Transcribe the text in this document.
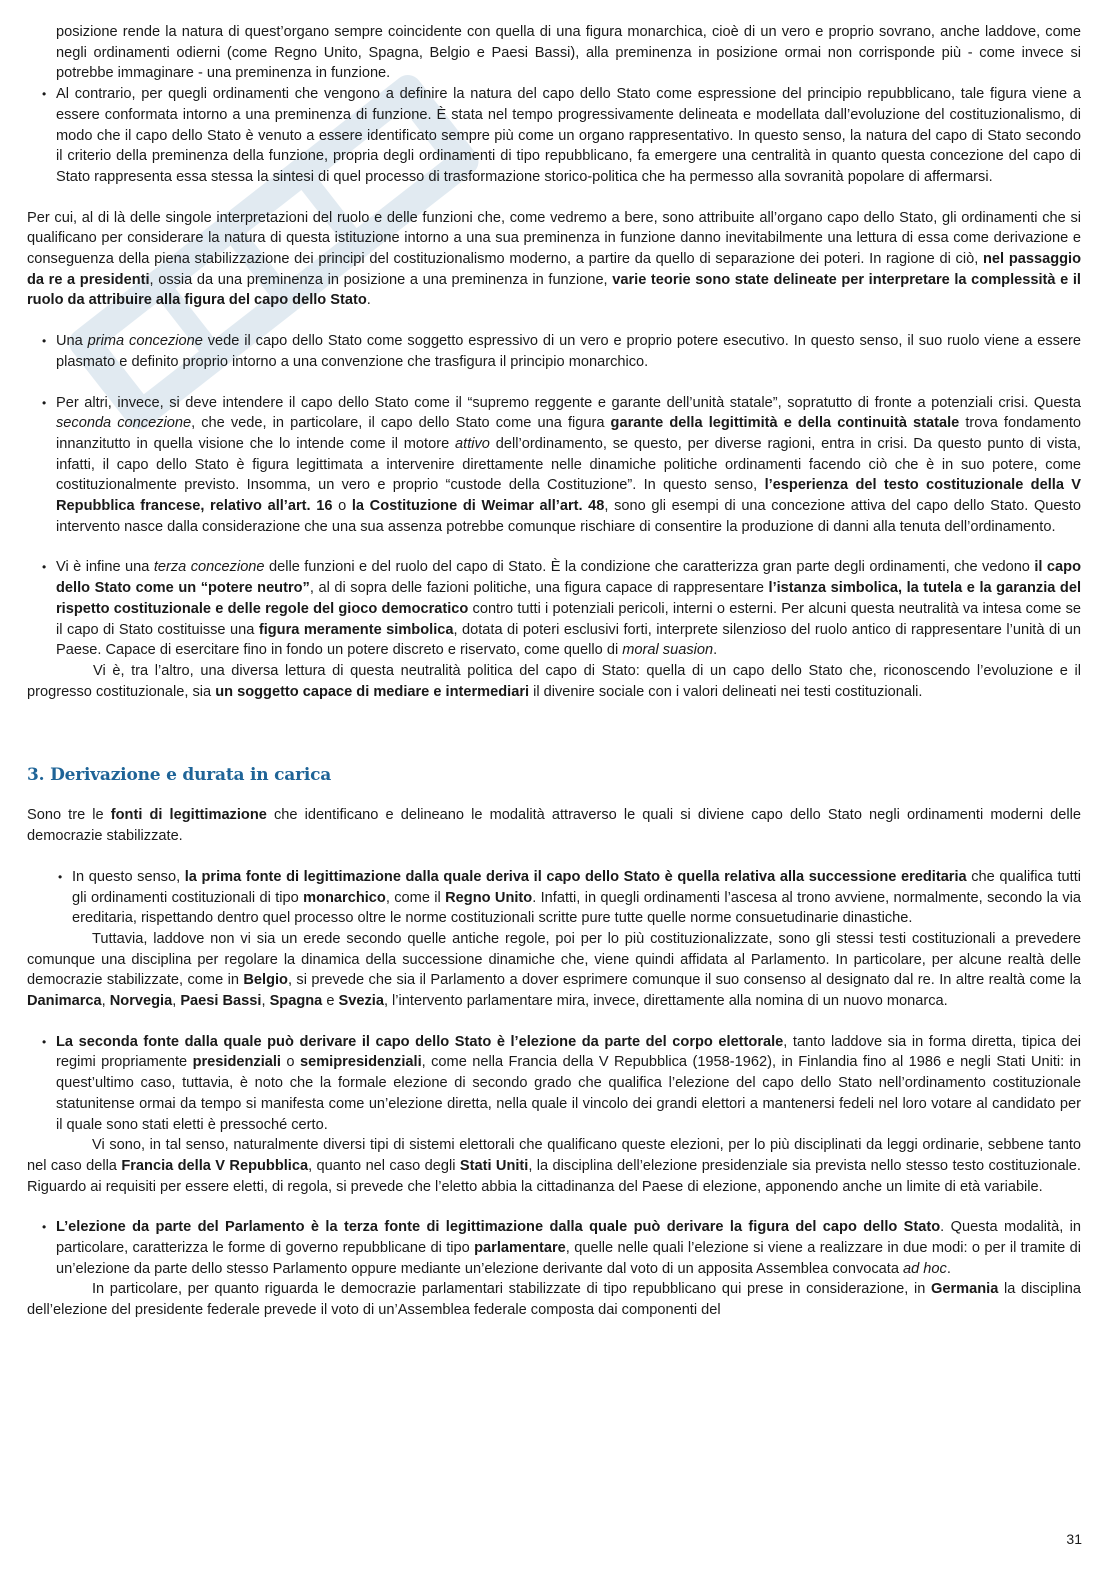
posizione rende la natura di quest’organo sempre coincidente con quella di una figura monarchica, cioè di un vero e proprio sovrano, anche laddove, come negli ordinamenti odierni (come Regno Unito, Spagna, Belgio e Paesi Bassi), alla preminenza in posizione ormai non corrisponde più - come invece si potrebbe immaginare - una preminenza in funzione.

• Al contrario, per quegli ordinamenti che vengono a definire la natura del capo dello Stato come espressione del principio repubblicano, tale figura viene a essere conformata intorno a una preminenza di funzione. È stata nel tempo progressivamente delineata e modellata dall’evoluzione del costituzionalismo, di modo che il capo dello Stato è venuto a essere identificato sempre più come un organo rappresentativo. In questo senso, la natura del capo di Stato secondo il criterio della preminenza della funzione, propria degli ordinamenti di tipo repubblicano, fa emergere una centralità in quanto questa concezione del capo di Stato rappresenta essa stessa la sintesi di quel processo di trasformazione storico-politica che ha permesso alla sovranità popolare di affermarsi.

Per cui, al di là delle singole interpretazioni del ruolo e delle funzioni che, come vedremo a bere, sono attribuite all’organo capo dello Stato, gli ordinamenti che si qualificano per considerare la natura di questa istituzione intorno a una sua preminenza in funzione danno inevitabilmente una lettura di essa come derivazione e conseguenza della piena stabilizzazione dei principi del costituzionalismo moderno, a partire da quello di separazione dei poteri. In ragione di ciò, nel passaggio da re a presidenti, ossia da una preminenza in posizione a una preminenza in funzione, varie teorie sono state delineate per interpretare la complessità e il ruolo da attribuire alla figura del capo dello Stato.

• Una prima concezione vede il capo dello Stato come soggetto espressivo di un vero e proprio potere esecutivo. In questo senso, il suo ruolo viene a essere plasmato e definito proprio intorno a una convenzione che trasfigura il principio monarchico.

• Per altri, invece, si deve intendere il capo dello Stato come il “supremo reggente e garante dell’unità statale”, sopratutto di fronte a potenziali crisi. Questa seconda concezione, che vede, in particolare, il capo dello Stato come una figura garante della legittimità e della continuità statale trova fondamento innanzitutto in quella visione che lo intende come il motore attivo dell’ordinamento, se questo, per diverse ragioni, entra in crisi. Da questo punto di vista, infatti, il capo dello Stato è figura legittimata a intervenire direttamente nelle dinamiche politiche ordinamenti facendo ciò che è in suo potere, come costituzionalmente previsto. Insomma, un vero e proprio “custode della Costituzione”. In questo senso, l’esperienza del testo costituzionale della V Repubblica francese, relativo all’art. 16 o la Costituzione di Weimar all’art. 48, sono gli esempi di una concezione attiva del capo dello Stato. Questo intervento nasce dalla considerazione che una sua assenza potrebbe comunque rischiare di consentire la produzione di danni alla tenuta dell’ordinamento.

• Vi è infine una terza concezione delle funzioni e del ruolo del capo di Stato. È la condizione che caratterizza gran parte degli ordinamenti, che vedono il capo dello Stato come un “potere neutro”, al di sopra delle fazioni politiche, una figura capace di rappresentare l’istanza simbolica, la tutela e la garanzia del rispetto costituzionale e delle regole del gioco democratico contro tutti i potenziali pericoli, interni o esterni. Per alcuni questa neutralità va intesa come se il capo di Stato costituisse una figura meramente simbolica, dotata di poteri esclusivi forti, interprete silenzioso del ruolo antico di rappresentare l’unità di un Paese. Capace di esercitare fino in fondo un potere discreto e riservato, come quello di moral suasion.

Vi è, tra l’altro, una diversa lettura di questa neutralità politica del capo di Stato: quella di un capo dello Stato che, riconoscendo l’evoluzione e il progresso costituzionale, sia un soggetto capace di mediare e intermediari il divenire sociale con i valori delineati nei testi costituzionali.

3. Derivazione e durata in carica

Sono tre le fonti di legittimazione che identificano e delineano le modalità attraverso le quali si diviene capo dello Stato negli ordinamenti moderni delle democrazie stabilizzate.

• In questo senso, la prima fonte di legittimazione dalla quale deriva il capo dello Stato è quella relativa alla successione ereditaria che qualifica tutti gli ordinamenti costituzionali di tipo monarchico, come il Regno Unito. Infatti, in quegli ordinamenti l’ascesa al trono avviene, normalmente, secondo la via ereditaria, rispettando dentro quel processo oltre le norme costituzionali scritte pure tutte quelle norme consuetudinarie dinastiche.

Tuttavia, laddove non vi sia un erede secondo quelle antiche regole, poi per lo più costituzionalizzate, sono gli stessi testi costituzionali a prevedere comunque una disciplina per regolare la dinamica della successione dinamiche che, viene quindi affidata al Parlamento. In particolare, per alcune realtà delle democrazie stabilizzate, come in Belgio, si prevede che sia il Parlamento a dover esprimere comunque il suo consenso al designato dal re. In altre realtà come la Danimarca, Norvegia, Paesi Bassi, Spagna e Svezia, l’intervento parlamentare mira, invece, direttamente alla nomina di un nuovo monarca.

• La seconda fonte dalla quale può derivare il capo dello Stato è l’elezione da parte del corpo elettorale, tanto laddove sia in forma diretta, tipica dei regimi propriamente presidenziali o semipresidenziali, come nella Francia della V Repubblica (1958-1962), in Finlandia fino al 1986 e negli Stati Uniti: in quest’ultimo caso, tuttavia, è noto che la formale elezione di secondo grado che qualifica l’elezione del capo dello Stato nell’ordinamento costituzionale statunitense ormai da tempo si manifesta come un’elezione diretta, nella quale il vincolo dei grandi elettori a mantenersi fedeli nel loro votare al candidato per il quale sono stati eletti è pressoché certo.

Vi sono, in tal senso, naturalmente diversi tipi di sistemi elettorali che qualificano queste elezioni, per lo più disciplinati da leggi ordinarie, sebbene tanto nel caso della Francia della V Repubblica, quanto nel caso degli Stati Uniti, la disciplina dell’elezione presidenziale sia prevista nello stesso testo costituzionale. Riguardo ai requisiti per essere eletti, di regola, si prevede che l’eletto abbia la cittadinanza del Paese di elezione, apponendo anche un limite di età variabile.

• L’elezione da parte del Parlamento è la terza fonte di legittimazione dalla quale può derivare la figura del capo dello Stato. Questa modalità, in particolare, caratterizza le forme di governo repubblicane di tipo parlamentare, quelle nelle quali l’elezione si viene a realizzare in due modi: o per il tramite di un’elezione da parte dello stesso Parlamento oppure mediante un’elezione derivante dal voto di un apposita Assemblea convocata ad hoc.

In particolare, per quanto riguarda le democrazie parlamentari stabilizzate di tipo repubblicano qui prese in considerazione, in Germania la disciplina dell’elezione del presidente federale prevede il voto di un’Assemblea federale composta dai componenti del

31
